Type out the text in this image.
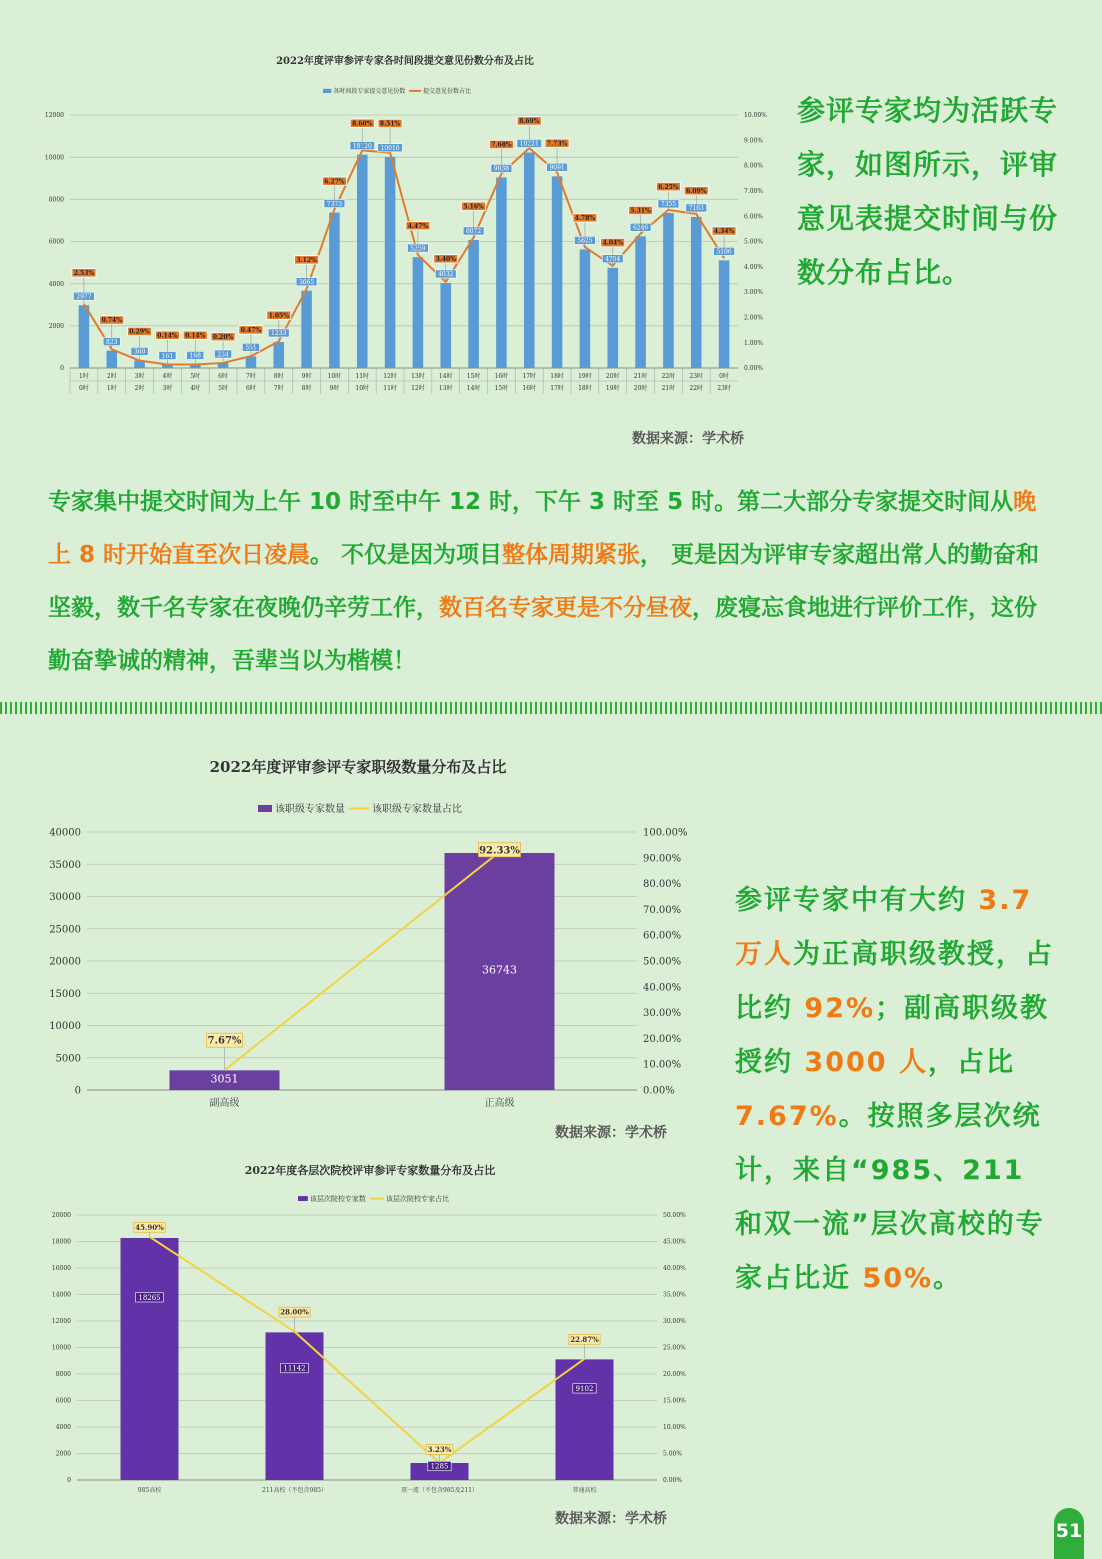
2022年度评审参评专家各时间段提交意见份数分布及占比
各时间段专家提交意见份数	提交意见份数占比
0
2000
4000
6000
8000
10000
12000
0.00%
1.00%
2.00%
3.00%
4.00%
5.00%
6.00%
7.00%
8.00%
9.00%
10.00%
2977
2.53%
823
0.74%
360
0.29%
161
0.14%
168
0.14%
234
0.20%
551
0.47% 1233
1.05%
3665
3.12%
7373
6.27%
10120
8.60%
10016
8.51%
5259
4.47%
4032
3.40%
6072
5.16%
9038
7.68% 10221
8.69%
9091
7.73%
5625
4.78%
4754
4.04%
6246
5.31%
7355
6.25%
7163
6.09%
5106
4.34%
1时
0时
2时
1时
3时
2时
4时
3时
5时
4时
6时
5时
7时
6时
8时
7时
9时
8时
10时
9时
11时
10时
12时
11时
13时
12时
14时
13时
15时
14时
16时
15时
17时
16时
18时
17时
19时
18时
20时
19时
21时
20时
22时
21时
23时
22时
0时
23时
数据来源：学术桥
参评专家均为活跃专家，如图所示，评审意见表提交时间与份数分布占比。
专家集中提交时间为上午 10 时至中午 12 时，下午 3 时至 5 时。第二大部分专家提交时间从晚上 8 时开始直至次日凌晨。 不仅是因为项目整体周期紧张， 更是因为评审专家超出常人的勤奋和坚毅，数千名专家在夜晚仍辛劳工作，数百名专家更是不分昼夜，废寝忘食地进行评价工作，这份勤奋挚诚的精神，吾辈当以为楷模！
2022年度评审参评专家职级数量分布及占比
该职级专家数量	该职级专家数量占比
0
5000
10000
15000
20000
25000
30000
35000
40000
0.00%
10.00%
20.00%
30.00%
40.00%
50.00%
60.00%
70.00%
80.00%
90.00%
100.00%
3051
7.67%
36743
92.33%
副高级	正高级
数据来源：学术桥
2022年度各层次院校评审参评专家数量分布及占比
该层次院校专家数	该层次院校专家占比
0
2000
4000
6000
8000
10000
12000
14000
16000
18000
20000
0.00%
5.00%
10.00%
15.00%
20.00%
25.00%
30.00%
35.00%
40.00%
45.00%
50.00%
18265
45.90%
11142
28.00%
1285
3.23%
9102
22.87%
985高校	211高校（不包含985）	双一流（不包含985及211）	普通高校
数据来源：学术桥
参评专家中有大约 3.7 万人为正高职级教授，占比约 92%；副高职级教授约 3000 人，占比 7.67%。按照多层次统计，来自“985、211 和双一流”层次高校的专家占比近 50%。
51
